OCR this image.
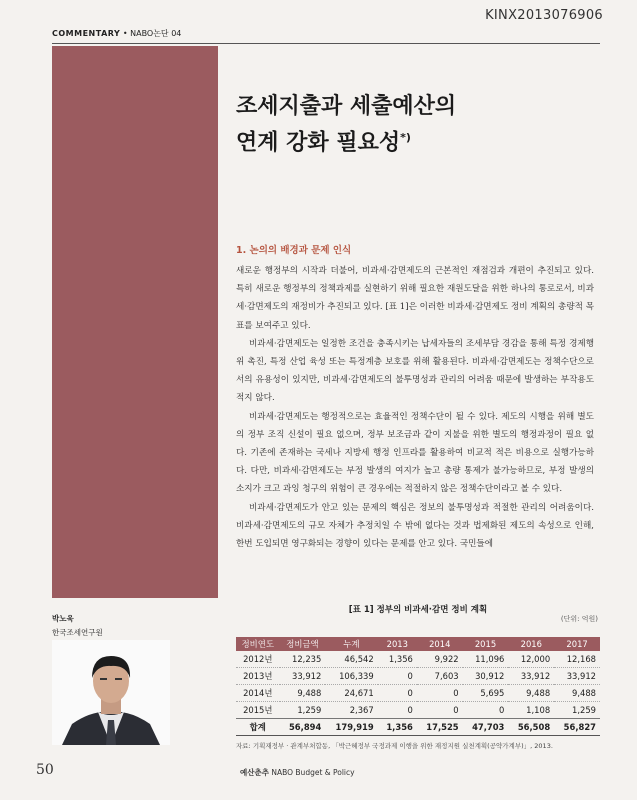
KINX2013076906
COMMENTARY • NABO논단 04
조세지출과 세출예산의
연계 강화 필요성*)
1. 논의의 배경과 문제 인식

새로운 행정부의 시작과 더불어, 비과세·감면제도의 근본적인 재점검과 개편이 추진되고 있다. 특히 새로운 행정부의 정책과제를 실현하기 위해 필요한 재원도달을 위한 하나의 통로로서, 비과세·감면제도의 재정비가 추진되고 있다. [표 1]은 이러한 비과세·감면제도 정비 계획의 총량적 목표를 보여주고 있다.

비과세·감면제도는 일정한 조건을 충족시키는 납세자들의 조세부담 경감을 통해 특정 경제행위 촉진, 특정 산업 육성 또는 특정계층 보호를 위해 활용된다. 비과세·감면제도는 정책수단으로서의 유용성이 있지만, 비과세·감면제도의 불투명성과 관리의 어려움 때문에 발생하는 부작용도 적지 않다.

비과세·감면제도는 행정적으로는 효율적인 정책수단이 될 수 있다. 제도의 시행을 위해 별도의 정부 조직 신설이 필요 없으며, 정부 보조금과 같이 지불을 위한 별도의 행정과정이 필요 없다. 기존에 존재하는 국세나 지방세 행정 인프라를 활용하여 비교적 적은 비용으로 실행가능하다. 다만, 비과세·감면제도는 부정 발생의 여지가 높고 총량 통제가 불가능하므로, 부정 발생의 소지가 크고 과잉 청구의 위험이 큰 경우에는 적절하지 않은 정책수단이라고 볼 수 있다.

비과세·감면제도가 안고 있는 문제의 핵심은 정보의 불투명성과 적절한 관리의 어려움이다. 비과세·감면제도의 규모 자체가 추정치일 수 밖에 없다는 것과 법제화된 제도의 속성으로 인해, 한번 도입되면 영구화되는 경향이 있다는 문제를 안고 있다. 국민들에

박노욱
한국조세연구원
[표 1] 정부의 비과세·감면 정비 계획
(단위: 억원)
정비연도	정비금액	누계	2013	2014	2015	2016	2017
2012년	12,235	46,542	1,356	9,922	11,096	12,000	12,168
2013년	33,912	106,339	0	7,603	30,912	33,912	33,912
2014년	9,488	24,671	0	0	5,695	9,488	9,488
2015년	1,259	2,367	0	0	0	1,108	1,259
합계	56,894	179,919	1,356	17,525	47,703	56,508	56,827
자료: 기획재정부 · 관계부처합동, 「박근혜정부 국정과제 이행을 위한 재정지원 실천계획(공약가계부)」, 2013.
50	예산춘추 NABO Budget & Policy
